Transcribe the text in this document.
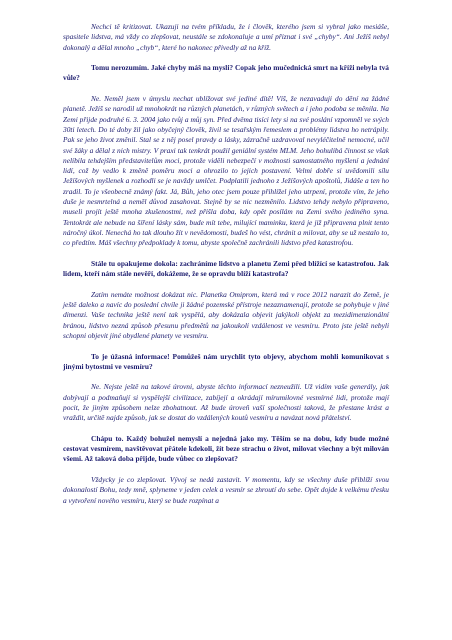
Nechci tě kritizovat. Ukazuji na tvém příkladu, že i člověk, kterého jsem si vybral jako mesiáše, spasitele lidstva, má vždy co zlepšovat, neustále se zdokonaluje a umí přiznat i své „chyby“. Ani Ježíš nebyl dokonalý a dělal mnoho „chyb“, které ho nakonec přivedly až na kříž.

Tomu nerozumím. Jaké chyby máš na mysli? Copak jeho mučednická smrt na kříži nebyla tvá vůle?

Ne. Neměl jsem v úmyslu nechat ublížovat své jediné dítě! Víš, že nezavaduji do dění na žádné planetě. Ježíš se narodil už mnohokrát na různých planetách, v různých světech a i jeho podoba se měnila. Na Zemi přijde podruhé 6. 3. 2004 jako tvůj a můj syn. Před dvěma tisíci lety si na své poslání vzpomněl ve svých 30ti letech. Do té doby žil jako obyčejný člověk, živil se tesařským řemeslem a problémy lidstva ho netrápily. Pak se jeho život změnil. Stal se z něj posel pravdy a lásky, zázračně uzdravoval nevyléčitelně nemocné, učil své žáky a dělal z nich mistry. V praxi tak tenkrát použil geniální systém MLM. Jeho bohulibá činnost se však nelíbila tehdejším představitelům moci, protože viděli nebezpečí v možnosti samostatného myšlení a jednání lidí, což by vedlo k změně poměru moci a ohrozilo to jejich postavení. Velmi dobře si uvědomili sílu Ježíšových myšlenek a rozhodli se je navždy umlčet. Podplatili jednoho z Ježíšových apoštolů, Jidáše a ten ho zradil. To je všeobecně známý fakt. Já, Bůh, jeho otec jsem pouze přihlížel jeho utrpení, protože vím, že jeho duše je nesmrtelná a neměl důvod zasahovat. Stejně by se nic nezměnilo. Lidstvo tehdy nebylo připraveno, museli projít ještě mnoha zkušenostmi, než přišla doba, kdy opět posílám na Zemi svého jediného syna. Tentokrát ale nebude na šíření lásky sám, bude mít tebe, milující maminku, která je již připravena plnit tento náročný úkol. Nenechá ho tak dlouho žít v nevědomosti, budeš ho vést, chránit a milovat, aby se už nestalo to, co předtím. Máš všechny předpoklady k tomu, abyste společně zachránili lidstvo před katastrofou.

Stále tu opakujeme dokola: zachráníme lidstvo a planetu Zemi před blížící se katastrofou. Jak lidem, kteří nám stále nevěří, dokážeme, že se opravdu blíží katastrofa?

Zatím nemáte možnost dokázat nic. Planetka Omiprom, která má v roce 2012 narazit do Země, je ještě daleko a navíc do poslední chvíle ji žádné pozemské přístroje nezaznamenají, protože se pohybuje v jiné dimenzi. Vaše technika ještě není tak vyspělá, aby dokázala objevit jakýkoli objekt za mezidimenzionální bránou, lidstvo nezná způsob přesunu předmětů na jakoukoli vzdálenost ve vesmíru. Proto jste ještě nebyli schopni objevit jiné obydlené planety ve vesmíru.

To je úžasná informace! Pomůžeš nám urychlit tyto objevy, abychom mohli komunikovat s jinými bytostmi ve vesmíru?

Ne. Nejste ještě na takové úrovni, abyste těchto informací nezneužili. Už vidím vaše generály, jak dobývají a podmaňují si vyspělejší civilizace, zabíjejí a okrádají mírumilovné vesmírné lidi, protože mají pocit, že jiným způsobem nelze zbohatnout. Až bude úroveň vaší společnosti taková, že přestane krást a vraždit, určitě najde způsob, jak se dostat do vzdálených koutů vesmíru a navázat nová přátelství.

Chápu to. Každý bohužel nemyslí a nejedná jako my. Těším se na dobu, kdy bude možné cestovat vesmírem, navštěvovat přátele kdekoli, žít beze strachu o život, milovat všechny a být milován všemi. Až taková doba přijde, bude vůbec co zlepšovat?

Vždycky je co zlepšovat. Vývoj se nedá zastavit. V momentu, kdy se všechny duše přiblíží svou dokonalostí Bohu, tedy mně, splyneme v jeden celek a vesmír se zhroutí do sebe. Opět dojde k velkému třesku a vytvoření nového vesmíru, který se bude rozpínat a
